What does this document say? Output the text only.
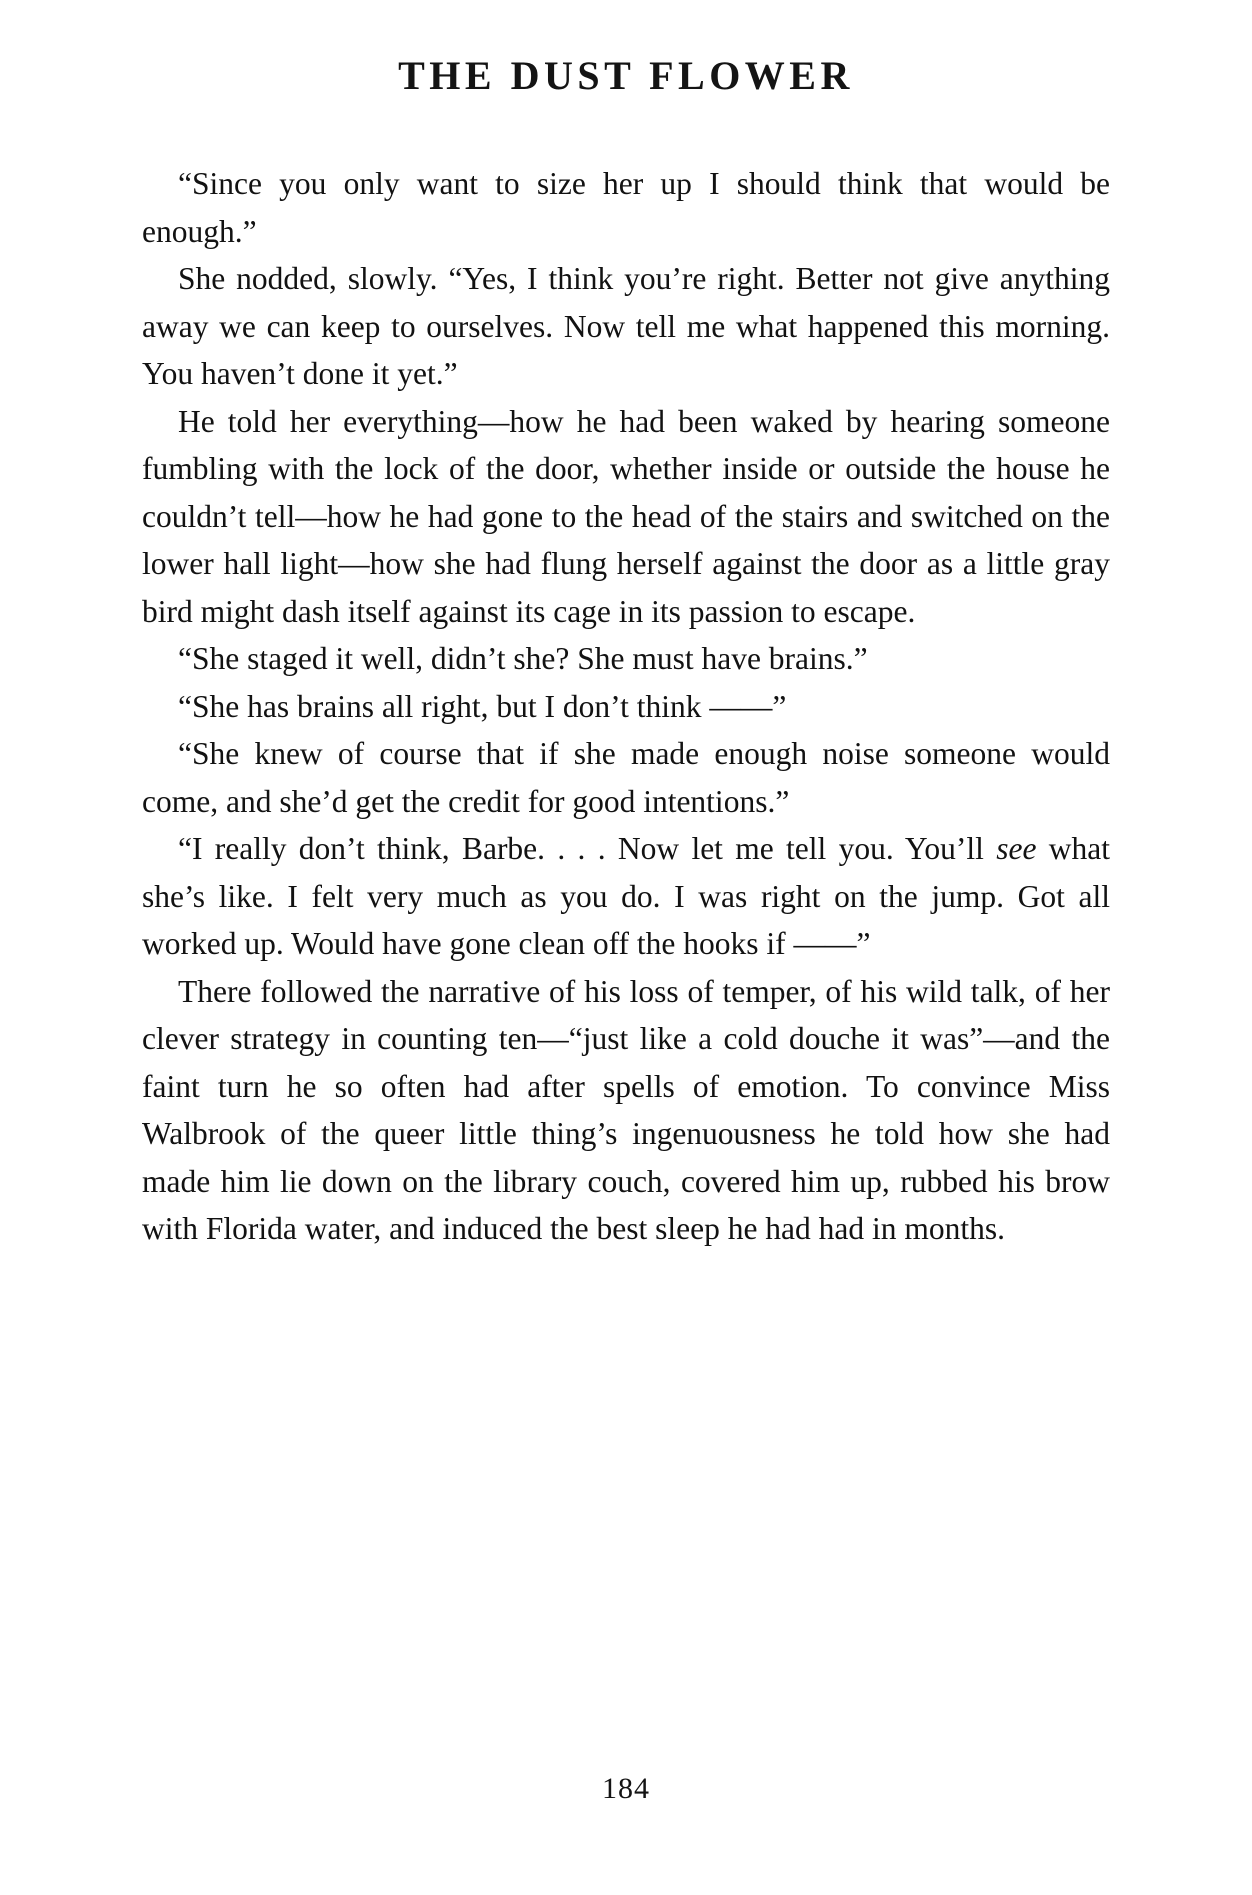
THE DUST FLOWER

“Since you only want to size her up I should think that would be enough.”

She nodded, slowly. “Yes, I think you’re right. Better not give anything away we can keep to ourselves. Now tell me what happened this morning. You haven’t done it yet.”

He told her everything—how he had been waked by hearing someone fumbling with the lock of the door, whether inside or outside the house he couldn’t tell—how he had gone to the head of the stairs and switched on the lower hall light—how she had flung herself against the door as a little gray bird might dash itself against its cage in its passion to escape.

“She staged it well, didn’t she? She must have brains.”

“She has brains all right, but I don’t think ——”

“She knew of course that if she made enough noise someone would come, and she’d get the credit for good intentions.”

“I really don’t think, Barbe. . . . Now let me tell you. You’ll see what she’s like. I felt very much as you do. I was right on the jump. Got all worked up. Would have gone clean off the hooks if ——”

There followed the narrative of his loss of temper, of his wild talk, of her clever strategy in counting ten—“just like a cold douche it was”—and the faint turn he so often had after spells of emotion. To convince Miss Walbrook of the queer little thing’s ingenuousness he told how she had made him lie down on the library couch, covered him up, rubbed his brow with Florida water, and induced the best sleep he had had in months.

184
